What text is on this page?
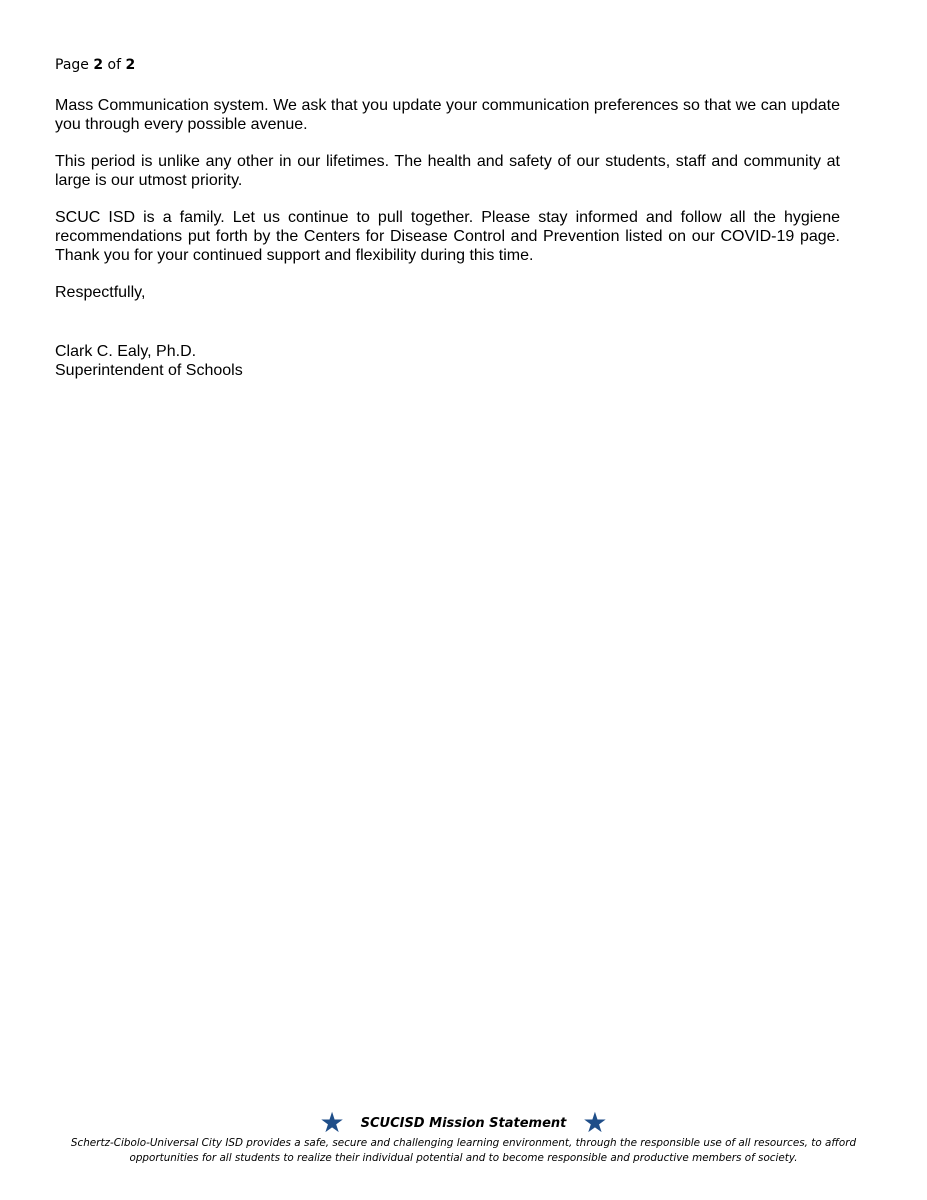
Page 2 of 2

Mass Communication system. We ask that you update your communication preferences so that we can update you through every possible avenue.

This period is unlike any other in our lifetimes. The health and safety of our students, staff and community at large is our utmost priority.

SCUC ISD is a family. Let us continue to pull together. Please stay informed and follow all the hygiene recommendations put forth by the Centers for Disease Control and Prevention listed on our COVID-19 page. Thank you for your continued support and flexibility during this time.

Respectfully,

Clark C. Ealy, Ph.D.
Superintendent of Schools
★ SCUCISD Mission Statement ★
Schertz-Cibolo-Universal City ISD provides a safe, secure and challenging learning environment, through the responsible use of all resources, to afford opportunities for all students to realize their individual potential and to become responsible and productive members of society.
